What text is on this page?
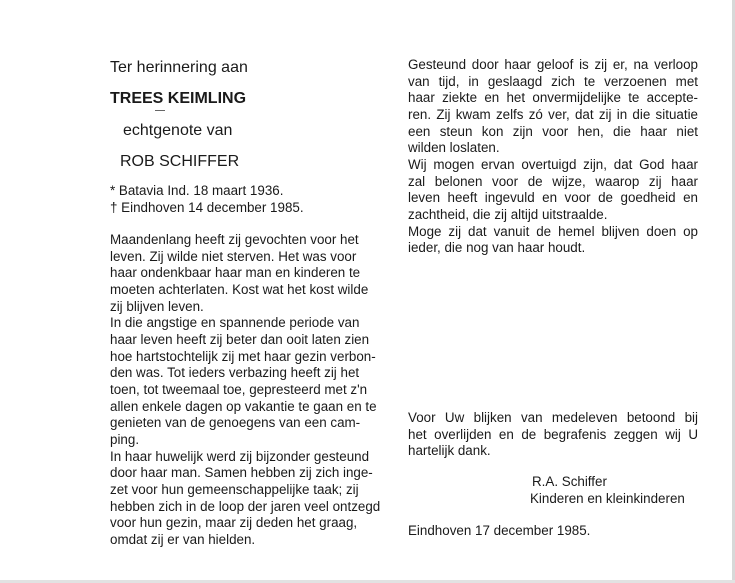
Ter herinnering aan
TREES KEIMLING
echtgenote van
ROB SCHIFFER
* Batavia Ind. 18 maart 1936.
† Eindhoven 14 december 1985.
Maandenlang heeft zij gevochten voor het
leven. Zij wilde niet sterven. Het was voor
haar ondenkbaar haar man en kinderen te
moeten achterlaten. Kost wat het kost wilde
zij blijven leven.
In die angstige en spannende periode van
haar leven heeft zij beter dan ooit laten zien
hoe hartstochtelijk zij met haar gezin verbon-
den was. Tot ieders verbazing heeft zij het
toen, tot tweemaal toe, gepresteerd met z'n
allen enkele dagen op vakantie te gaan en te
genieten van de genoegens van een cam-
ping.
In haar huwelijk werd zij bijzonder gesteund
door haar man. Samen hebben zij zich inge-
zet voor hun gemeenschappelijke taak; zij
hebben zich in de loop der jaren veel ontzegd
voor hun gezin, maar zij deden het graag,
omdat zij er van hielden.
Gesteund door haar geloof is zij er, na verloop
van tijd, in geslaagd zich te verzoenen met
haar ziekte en het onvermijdelijke te accepte-
ren. Zij kwam zelfs zó ver, dat zij in die situatie
een steun kon zijn voor hen, die haar niet
wilden loslaten.
Wij mogen ervan overtuigd zijn, dat God haar
zal belonen voor de wijze, waarop zij haar
leven heeft ingevuld en voor de goedheid en
zachtheid, die zij altijd uitstraalde.
Moge zij dat vanuit de hemel blijven doen op
ieder, die nog van haar houdt.
Voor Uw blijken van medeleven betoond bij
het overlijden en de begrafenis zeggen wij U
hartelijk dank.
R.A. Schiffer
Kinderen en kleinkinderen
Eindhoven 17 december 1985.
